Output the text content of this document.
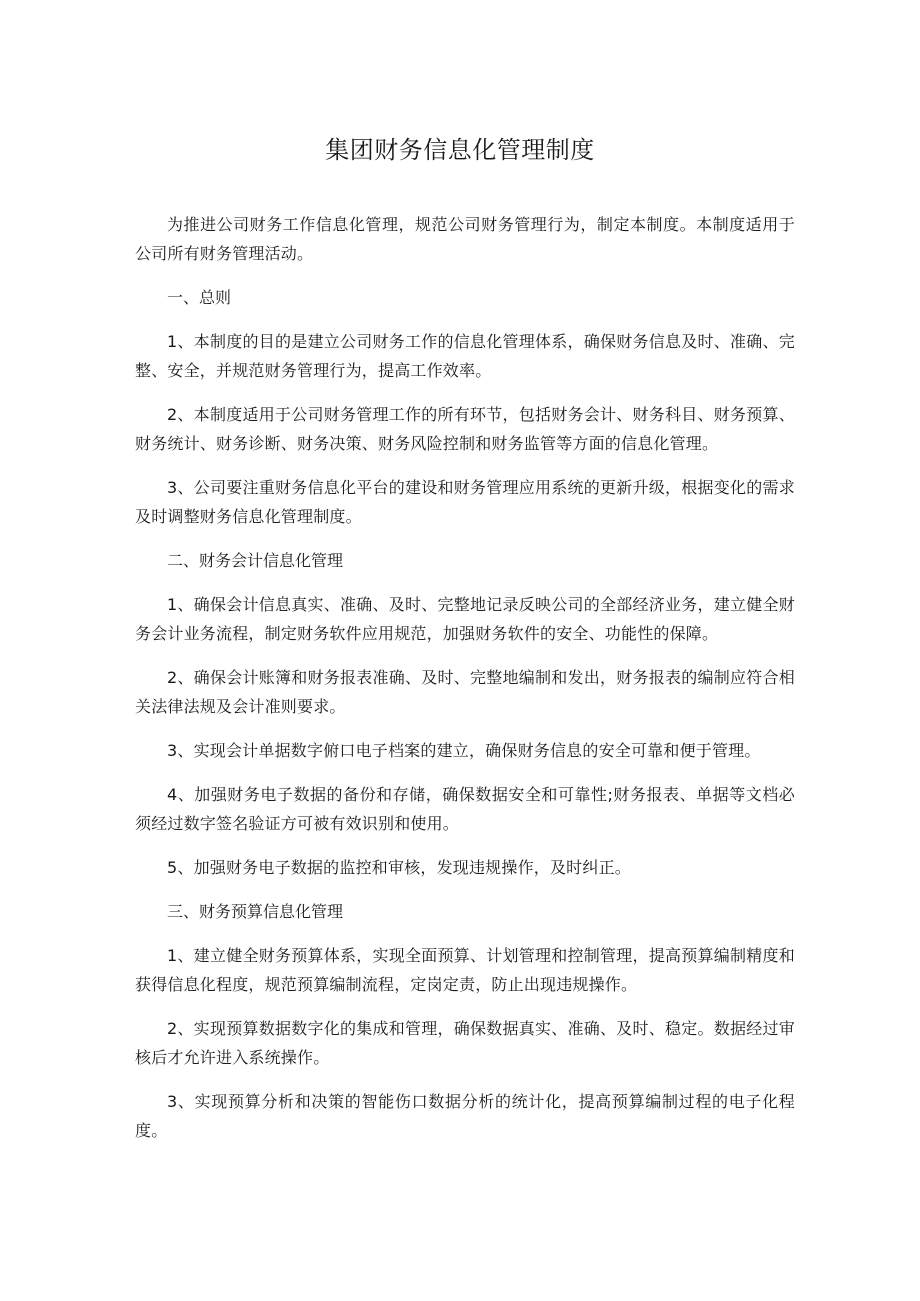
集团财务信息化管理制度

为推进公司财务工作信息化管理，规范公司财务管理行为，制定本制度。本制度适用于公司所有财务管理活动。

一、总则

1、本制度的目的是建立公司财务工作的信息化管理体系，确保财务信息及时、准确、完整、安全，并规范财务管理行为，提高工作效率。

2、本制度适用于公司财务管理工作的所有环节，包括财务会计、财务科目、财务预算、财务统计、财务诊断、财务决策、财务风险控制和财务监管等方面的信息化管理。

3、公司要注重财务信息化平台的建设和财务管理应用系统的更新升级，根据变化的需求及时调整财务信息化管理制度。

二、财务会计信息化管理

1、确保会计信息真实、准确、及时、完整地记录反映公司的全部经济业务，建立健全财务会计业务流程，制定财务软件应用规范，加强财务软件的安全、功能性的保障。

2、确保会计账簿和财务报表准确、及时、完整地编制和发出，财务报表的编制应符合相关法律法规及会计准则要求。

3、实现会计单据数字俯口电子档案的建立，确保财务信息的安全可靠和便于管理。

4、加强财务电子数据的备份和存储，确保数据安全和可靠性;财务报表、单据等文档必须经过数字签名验证方可被有效识别和使用。

5、加强财务电子数据的监控和审核，发现违规操作，及时纠正。

三、财务预算信息化管理

1、建立健全财务预算体系，实现全面预算、计划管理和控制管理，提高预算编制精度和获得信息化程度，规范预算编制流程，定岗定责，防止出现违规操作。

2、实现预算数据数字化的集成和管理，确保数据真实、准确、及时、稳定。数据经过审核后才允许进入系统操作。

3、实现预算分析和决策的智能伤口数据分析的统计化，提高预算编制过程的电子化程度。
